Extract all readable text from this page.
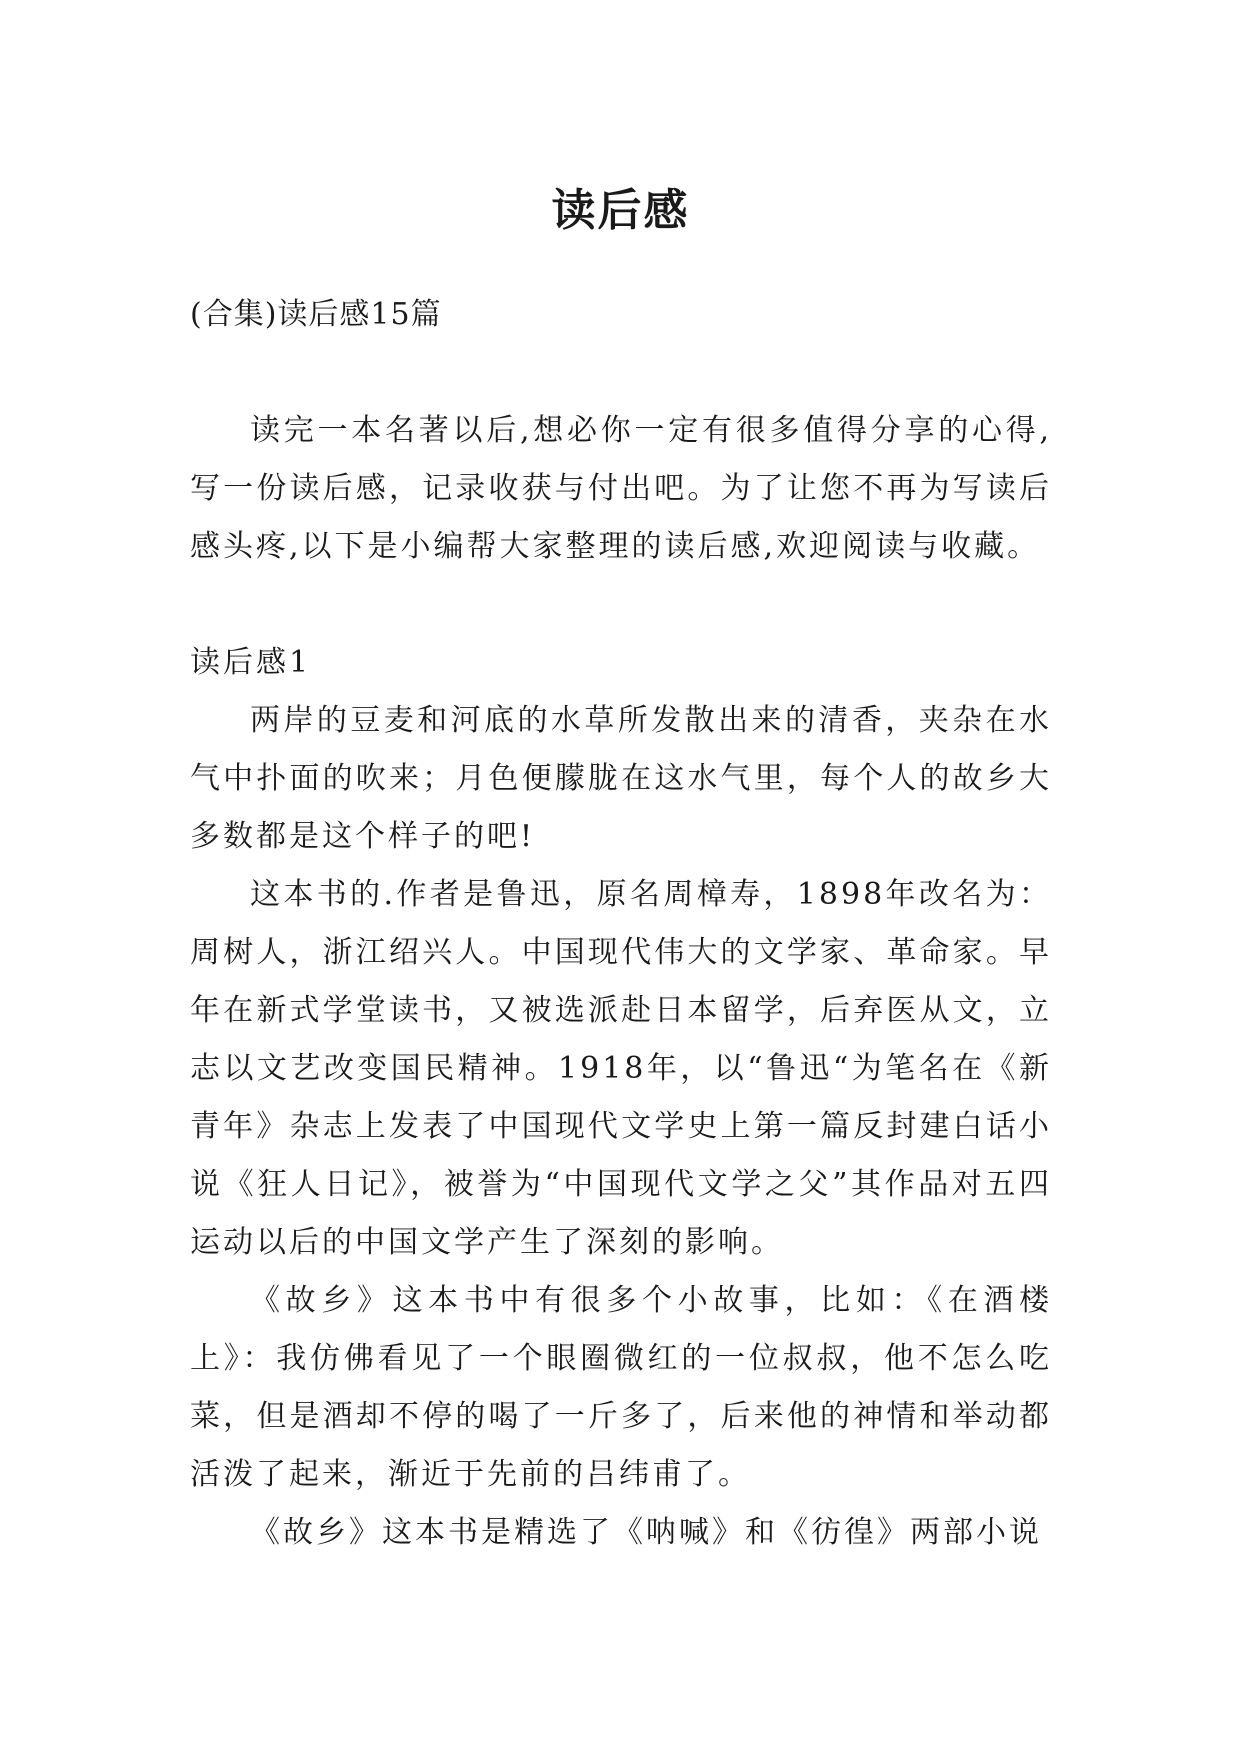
读后感
(合集)读后感15篇

读完一本名著以后,想必你一定有很多值得分享的心得,写一份读后感，记录收获与付出吧。为了让您不再为写读后感头疼,以下是小编帮大家整理的读后感,欢迎阅读与收藏。

读后感1

两岸的豆麦和河底的水草所发散出来的清香，夹杂在水气中扑面的吹来；月色便朦胧在这水气里，每个人的故乡大多数都是这个样子的吧!

这本书的.作者是鲁迅，原名周樟寿，1898年改名为：周树人，浙江绍兴人。中国现代伟大的文学家、革命家。早年在新式学堂读书，又被选派赴日本留学，后弃医从文，立志以文艺改变国民精神。1918年，以“鲁迅“为笔名在《新青年》杂志上发表了中国现代文学史上第一篇反封建白话小说《狂人日记》，被誉为“中国现代文学之父”其作品对五四运动以后的中国文学产生了深刻的影响。

《故乡》这本书中有很多个小故事，比如：《在酒楼上》：我仿佛看见了一个眼圈微红的一位叔叔，他不怎么吃菜，但是酒却不停的喝了一斤多了，后来他的神情和举动都活泼了起来，渐近于先前的吕纬甫了。

《故乡》这本书是精选了《呐喊》和《彷徨》两部小说
